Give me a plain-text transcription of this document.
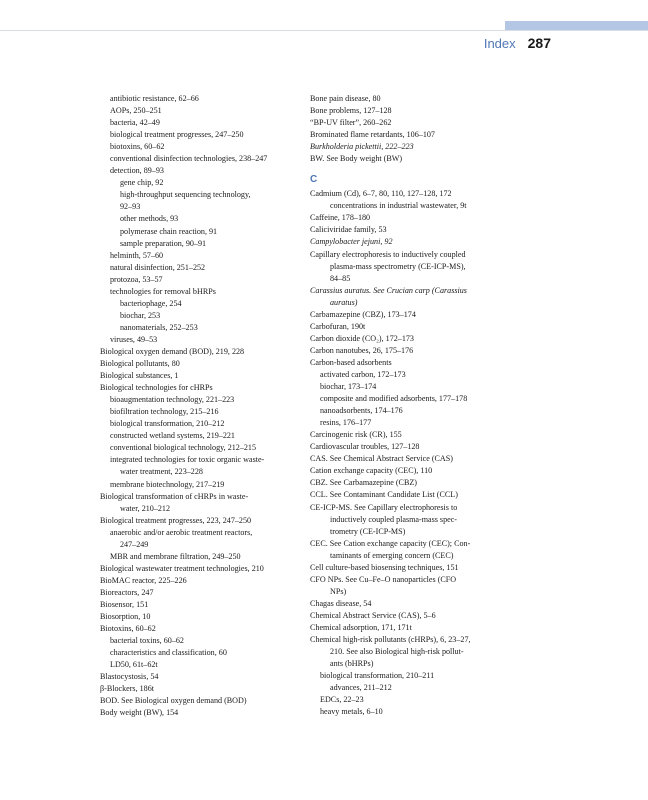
Index 287
antibiotic resistance, 62–66
AOPs, 250–251
bacteria, 42–49
biological treatment progresses, 247–250
biotoxins, 60–62
conventional disinfection technologies, 238–247
detection, 89–93
gene chip, 92
high-throughput sequencing technology,
92–93
other methods, 93
polymerase chain reaction, 91
sample preparation, 90–91
helminth, 57–60
natural disinfection, 251–252
protozoa, 53–57
technologies for removal bHRPs
bacteriophage, 254
biochar, 253
nanomaterials, 252–253
viruses, 49–53
Biological oxygen demand (BOD), 219, 228
Biological pollutants, 80
Biological substances, 1
Biological technologies for cHRPs
bioaugmentation technology, 221–223
biofiltration technology, 215–216
biological transformation, 210–212
constructed wetland systems, 219–221
conventional biological technology, 212–215
integrated technologies for toxic organic waste-
water treatment, 223–228
membrane biotechnology, 217–219
Biological transformation of cHRPs in waste-
water, 210–212
Biological treatment progresses, 223, 247–250
anaerobic and/or aerobic treatment reactors,
247–249
MBR and membrane filtration, 249–250
Biological wastewater treatment technologies, 210
BioMAC reactor, 225–226
Bioreactors, 247
Biosensor, 151
Biosorption, 10
Biotoxins, 60–62
bacterial toxins, 60–62
characteristics and classification, 60
LD50, 61t–62t
Blastocystosis, 54
β-Blockers, 186t
BOD. See Biological oxygen demand (BOD)
Body weight (BW), 154
Bone pain disease, 80
Bone problems, 127–128
“BP-UV filter”, 260–262
Brominated flame retardants, 106–107
Burkholderia pickettii, 222–223
BW. See Body weight (BW)
C
Cadmium (Cd), 6–7, 80, 110, 127–128, 172
concentrations in industrial wastewater, 9t
Caffeine, 178–180
Caliciviridae family, 53
Campylobacter jejuni, 92
Capillary electrophoresis to inductively coupled
plasma-mass spectrometry (CE-ICP-MS),
84–85
Carassius auratus. See Crucian carp (Carassius
auratus)
Carbamazepine (CBZ), 173–174
Carbofuran, 190t
Carbon dioxide (CO₂), 172–173
Carbon nanotubes, 26, 175–176
Carbon-based adsorbents
activated carbon, 172–173
biochar, 173–174
composite and modified adsorbents, 177–178
nanoadsorbents, 174–176
resins, 176–177
Carcinogenic risk (CR), 155
Cardiovascular troubles, 127–128
CAS. See Chemical Abstract Service (CAS)
Cation exchange capacity (CEC), 110
CBZ. See Carbamazepine (CBZ)
CCL. See Contaminant Candidate List (CCL)
CE-ICP-MS. See Capillary electrophoresis to
inductively coupled plasma-mass spec-
trometry (CE-ICP-MS)
CEC. See Cation exchange capacity (CEC); Con-
taminants of emerging concern (CEC)
Cell culture-based biosensing techniques, 151
CFO NPs. See Cu–Fe–O nanoparticles (CFO
NPs)
Chagas disease, 54
Chemical Abstract Service (CAS), 5–6
Chemical adsorption, 171, 171t
Chemical high-risk pollutants (cHRPs), 6, 23–27,
210. See also Biological high-risk pollut-
ants (bHRPs)
biological transformation, 210–211
advances, 211–212
EDCs, 22–23
heavy metals, 6–10
